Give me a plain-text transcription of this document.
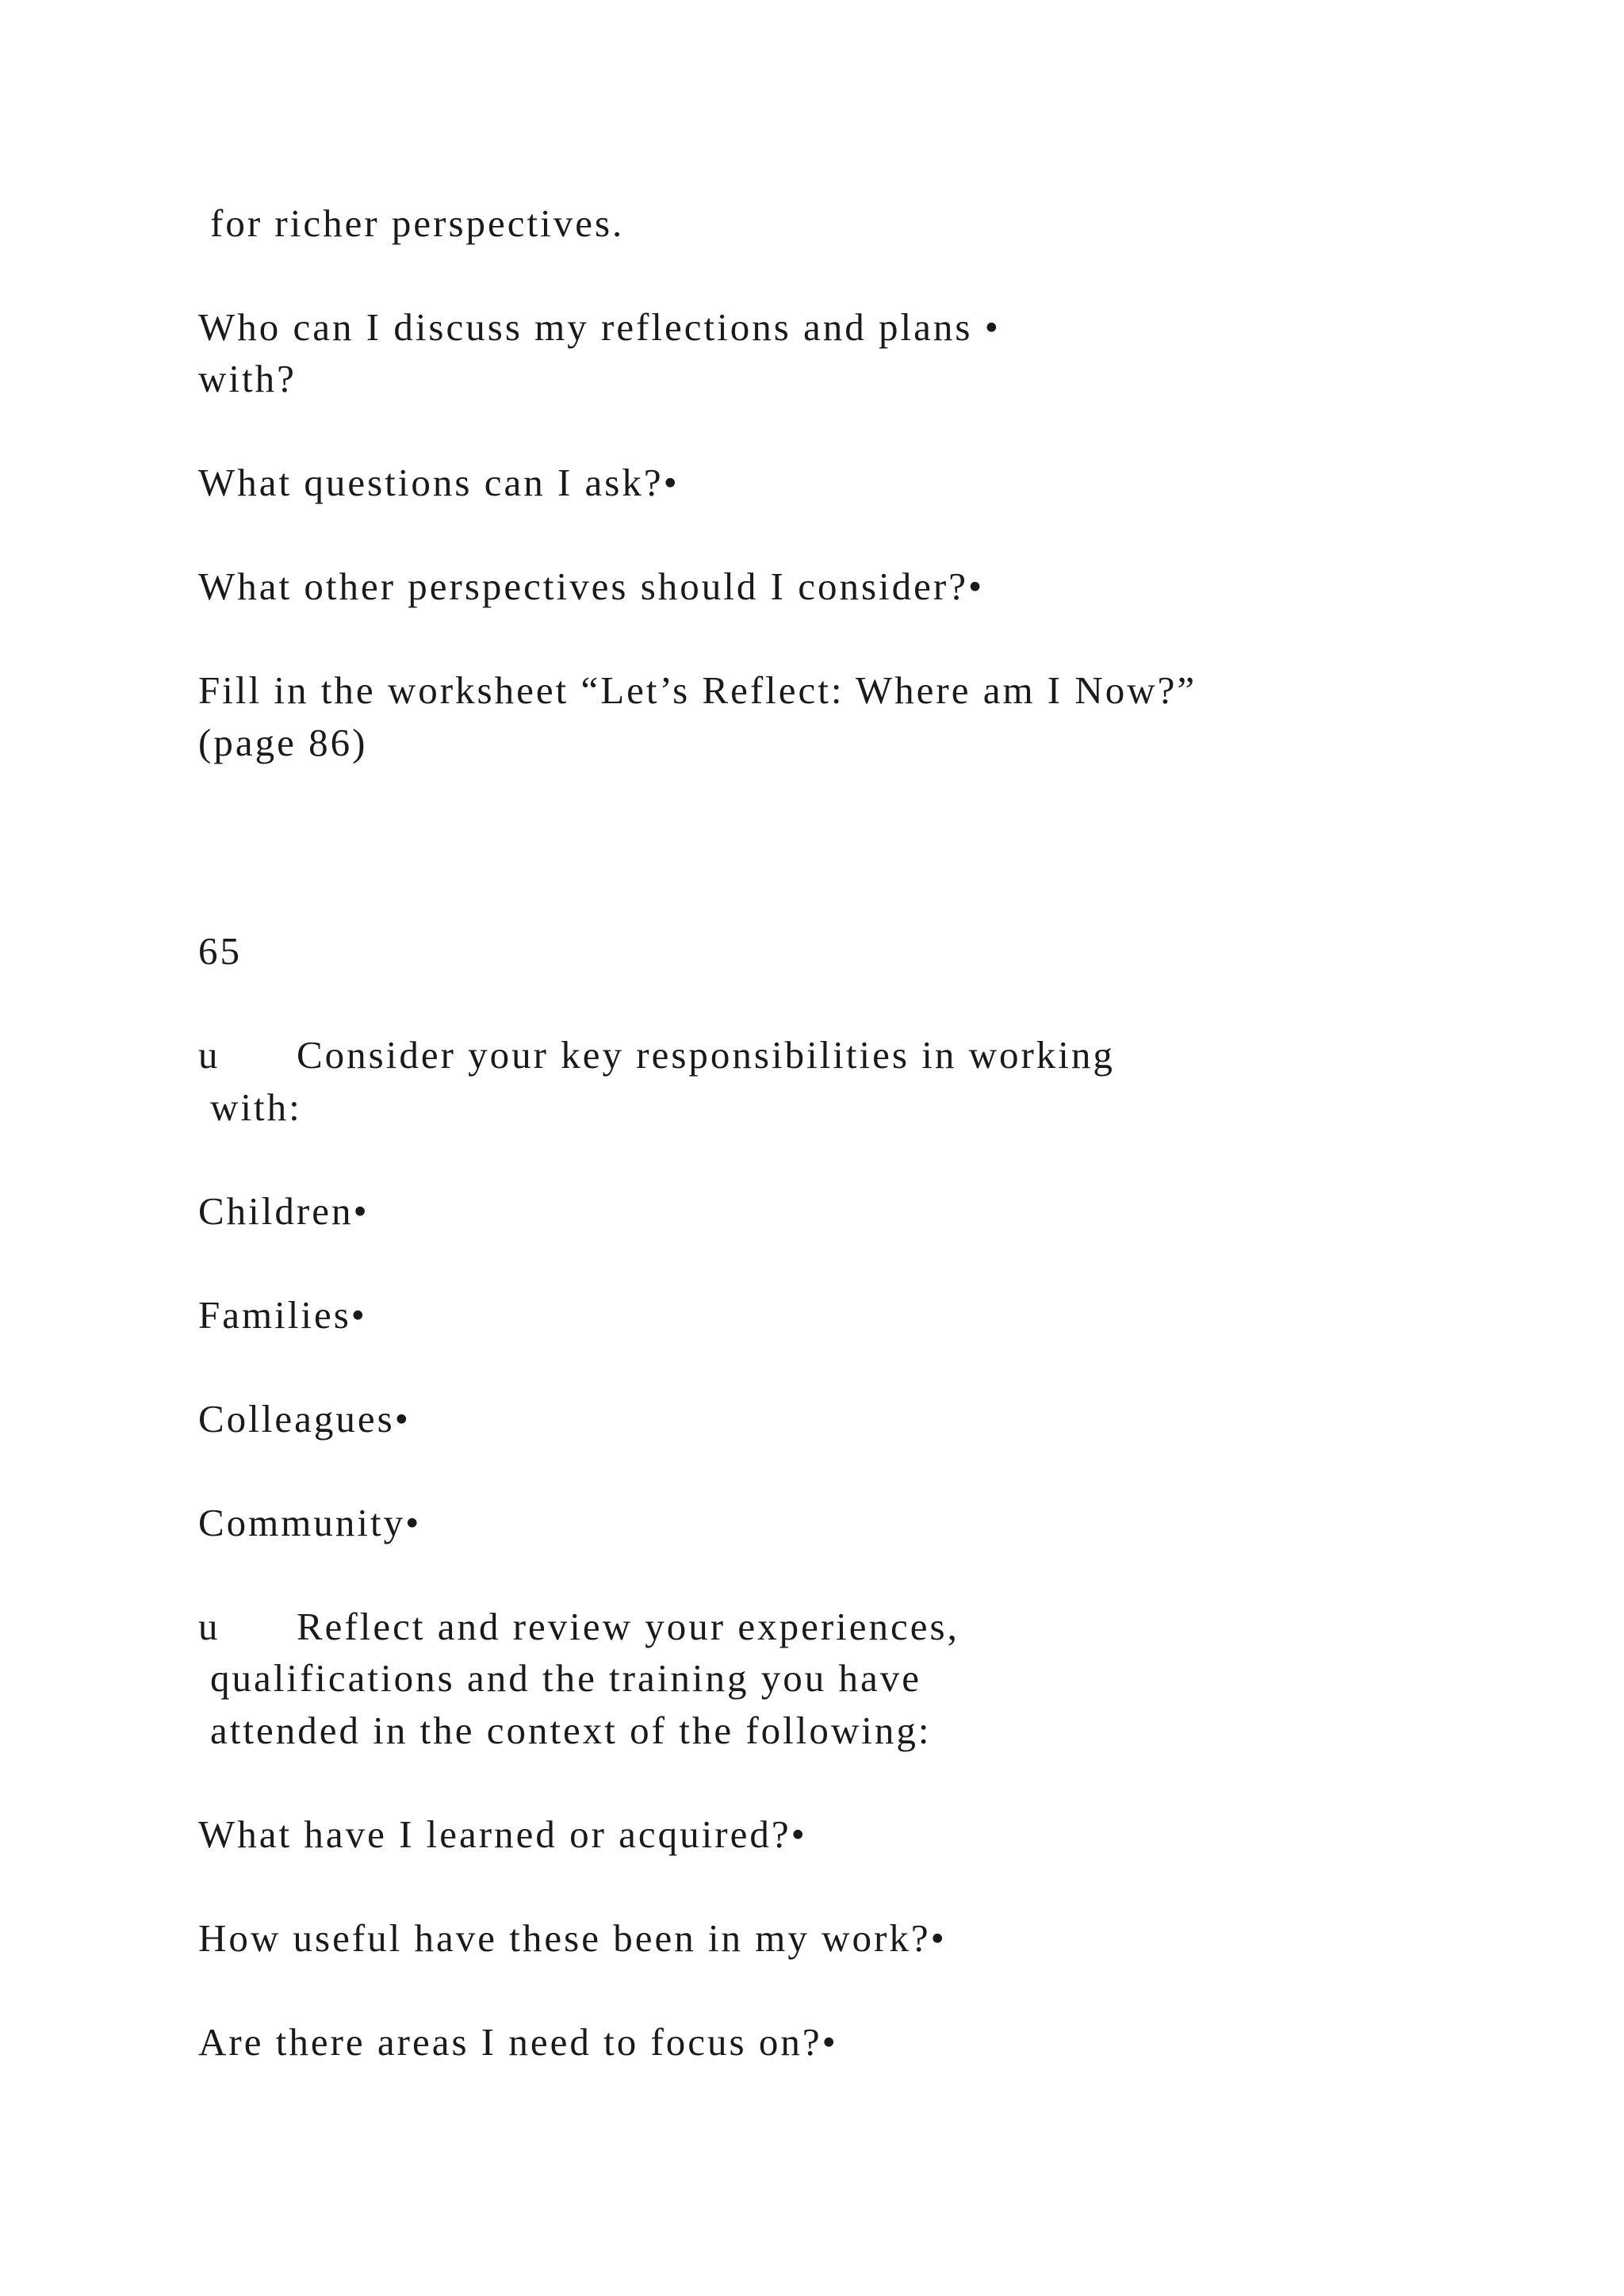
for richer perspectives.

Who can I discuss my reflections and plans •

with?

What questions can I ask?•

What other perspectives should I consider?•

Fill in the worksheet “Let’s Reflect: Where am I Now?”

(page 86)

65

u Consider your key responsibilities in working

with:

Children•

Families•

Colleagues•

Community•

u Reflect and review your experiences,

qualifications and the training you have

attended in the context of the following:

What have I learned or acquired?•

How useful have these been in my work?•

Are there areas I need to focus on?•
